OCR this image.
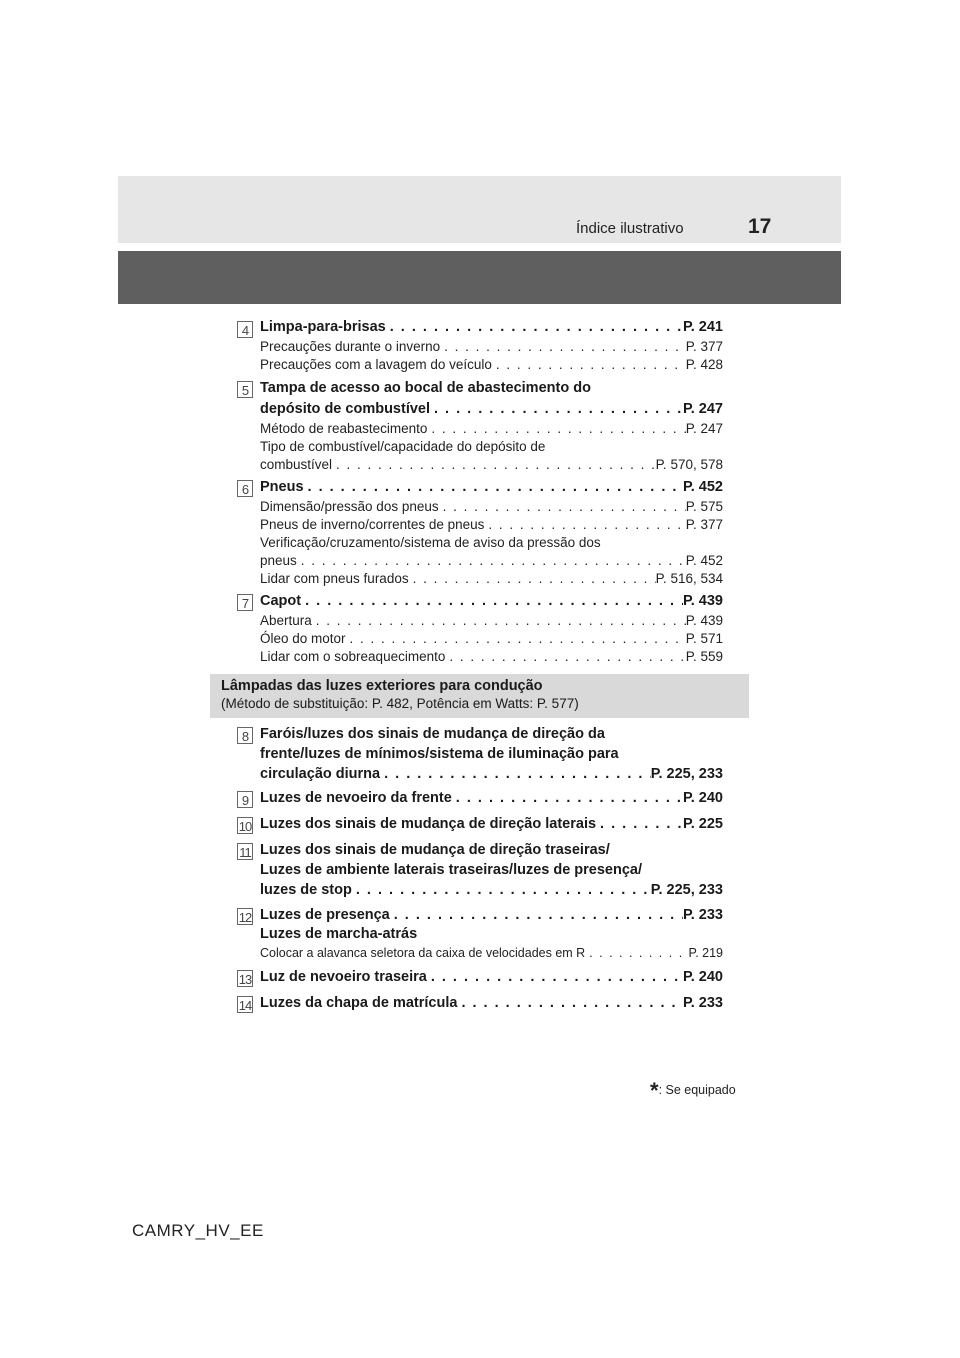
Índice ilustrativo	17
4 Limpa-para-brisas . . .	P. 241
Precauções durante o inverno . . .	P. 377
Precauções com a lavagem do veículo . . .	P. 428
5 Tampa de acesso ao bocal de abastecimento do
depósito de combustível . . .	P. 247
Método de reabastecimento . . .	P. 247
Tipo de combustível/capacidade do depósito de
combustível . . .	P. 570, 578
6 Pneus . . .	P. 452
Dimensão/pressão dos pneus . . .	P. 575
Pneus de inverno/correntes de pneus . . .	P. 377
Verificação/cruzamento/sistema de aviso da pressão dos
pneus . . .	P. 452
Lidar com pneus furados . . .	P. 516, 534
7 Capot . . .	P. 439
Abertura . . .	P. 439
Óleo do motor . . .	P. 571
Lidar com o sobreaquecimento . . .	P. 559
Lâmpadas das luzes exteriores para condução
(Método de substituição: P. 482, Potência em Watts: P. 577)
8 Faróis/luzes dos sinais de mudança de direção da
frente/luzes de mínimos/sistema de iluminação para
circulação diurna . . .	P. 225, 233
9 Luzes de nevoeiro da frente . . .	P. 240
10 Luzes dos sinais de mudança de direção laterais . . .	P. 225
11 Luzes dos sinais de mudança de direção traseiras/
Luzes de ambiente laterais traseiras/luzes de presença/
luzes de stop . . .	P. 225, 233
12 Luzes de presença . . .	P. 233
Luzes de marcha-atrás
Colocar a alavanca seletora da caixa de velocidades em R . . .	P. 219
13 Luz de nevoeiro traseira . . .	P. 240
14 Luzes da chapa de matrícula . . .	P. 233
*: Se equipado
CAMRY_HV_EE
